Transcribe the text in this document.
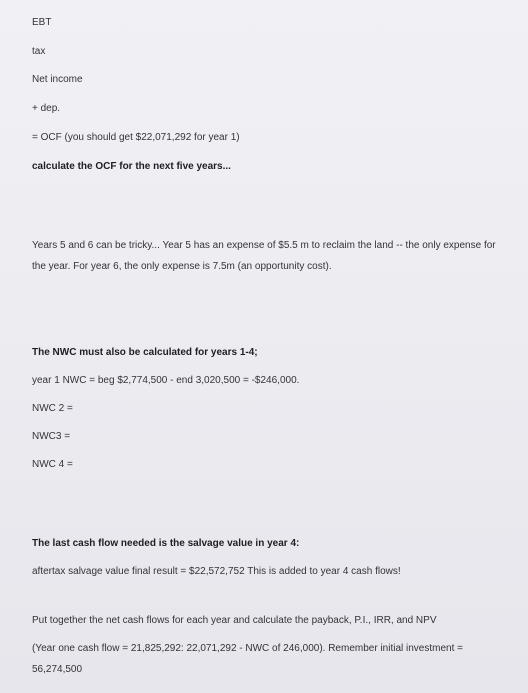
EBT
tax
Net income
+ dep.
= OCF (you should get $22,071,292 for year 1)
calculate the OCF for the next five years...
Years 5 and 6 can be tricky... Year 5 has an expense of $5.5 m to reclaim the land -- the only expense for the year. For year 6, the only expense is 7.5m (an opportunity cost).
The NWC must also be calculated for years 1-4;
year 1 NWC = beg $2,774,500 - end 3,020,500 = -$246,000.
NWC 2 =
NWC3 =
NWC 4 =
The last cash flow needed is the salvage value in year 4:
aftertax salvage value final result = $22,572,752 This is added to year 4 cash flows!
Put together the net cash flows for each year and calculate the payback, P.I., IRR, and NPV
(Year one cash flow = 21,825,292: 22,071,292 - NWC of 246,000). Remember initial investment = 56,274,500
